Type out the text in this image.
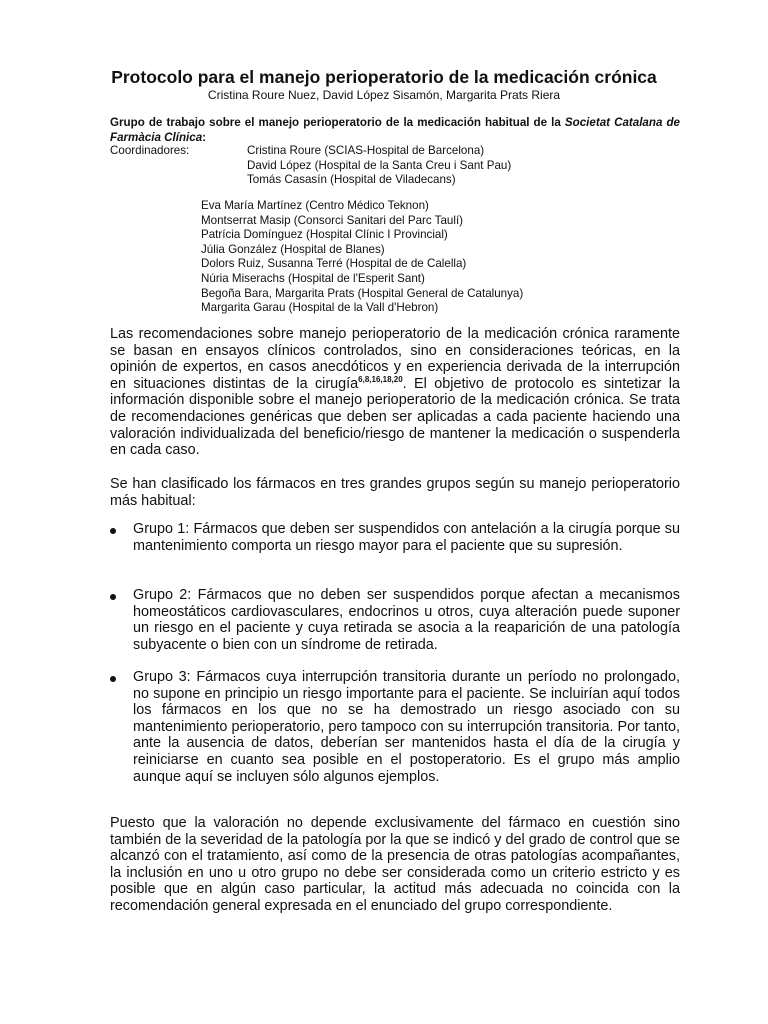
Protocolo para el manejo perioperatorio de la medicación crónica
Cristina Roure Nuez, David López Sisamón, Margarita Prats Riera
Grupo de trabajo sobre el manejo perioperatorio de la medicación habitual de la Societat Catalana de Farmàcia Clínica:
Coordinadores:	Cristina Roure (SCIAS-Hospital de Barcelona)
David López (Hospital de la Santa Creu i Sant Pau)
Tomás Casasín (Hospital de Viladecans)
Eva María Martínez (Centro Médico Teknon)
Montserrat Masip (Consorci Sanitari del Parc Taulí)
Patrícia Domínguez (Hospital Clínic I Provincial)
Júlia González (Hospital de Blanes)
Dolors Ruiz, Susanna Terré (Hospital de de Calella)
Núria Miserachs (Hospital de l'Esperit Sant)
Begoña Bara, Margarita Prats (Hospital General de Catalunya)
Margarita Garau (Hospital de la Vall d'Hebron)

Las recomendaciones sobre manejo perioperatorio de la medicación crónica raramente se basan en ensayos clínicos controlados, sino en consideraciones teóricas, en la opinión de expertos, en casos anecdóticos y en experiencia derivada de la interrupción en situaciones distintas de la cirugía$^{6,8,16,18,20}$. El objetivo de protocolo es sintetizar la información disponible sobre el manejo perioperatorio de la medicación crónica. Se trata de recomendaciones genéricas que deben ser aplicadas a cada paciente haciendo una valoración individualizada del beneficio/riesgo de mantener la medicación o suspenderla en cada caso.

Se han clasificado los fármacos en tres grandes grupos según su manejo perioperatorio más habitual:

Grupo 1: Fármacos que deben ser suspendidos con antelación a la cirugía porque su mantenimiento comporta un riesgo mayor para el paciente que su supresión.

Grupo 2: Fármacos que no deben ser suspendidos porque afectan a mecanismos homeostáticos cardiovasculares, endocrinos u otros, cuya alteración puede suponer un riesgo en el paciente y cuya retirada se asocia a la reaparición de una patología subyacente o bien con un síndrome de retirada.

Grupo 3: Fármacos cuya interrupción transitoria durante un período no prolongado, no supone en principio un riesgo importante para el paciente. Se incluirían aquí todos los fármacos en los que no se ha demostrado un riesgo asociado con su mantenimiento perioperatorio, pero tampoco con su interrupción transitoria. Por tanto, ante la ausencia de datos, deberían ser mantenidos hasta el día de la cirugía y reiniciarse en cuanto sea posible en el postoperatorio. Es el grupo más amplio aunque aquí se incluyen sólo algunos ejemplos.

Puesto que la valoración no depende exclusivamente del fármaco en cuestión sino también de la severidad de la patología por la que se indicó y del grado de control que se alcanzó con el tratamiento, así como de la presencia de otras patologías acompañantes, la inclusión en uno u otro grupo no debe ser considerada como un criterio estricto y es posible que en algún caso particular, la actitud más adecuada no coincida con la recomendación general expresada en el enunciado del grupo correspondiente.
